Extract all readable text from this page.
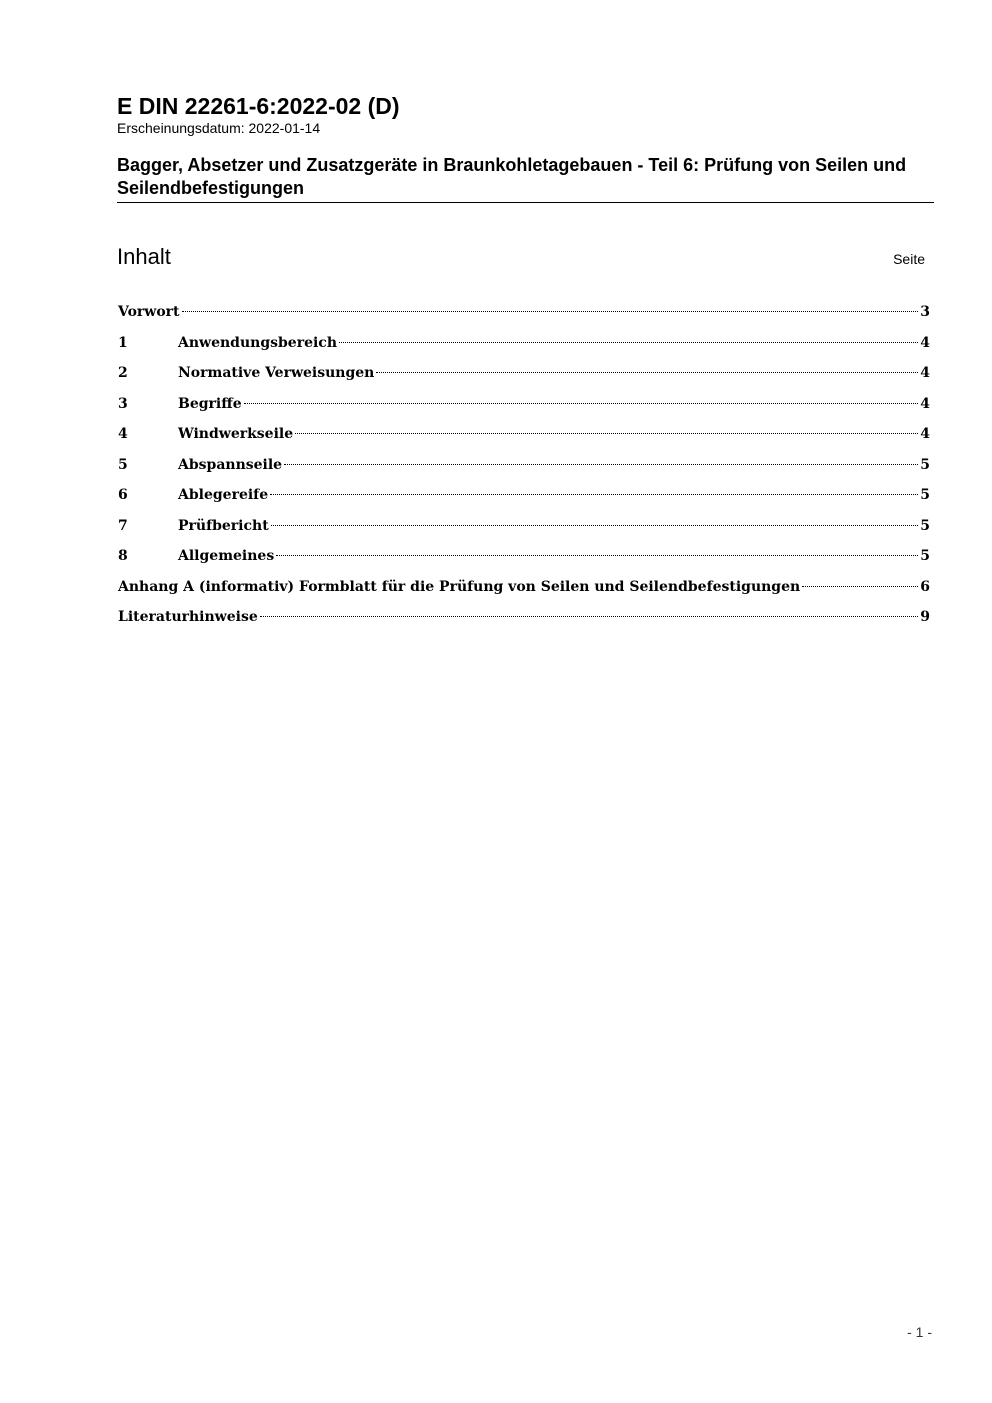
E DIN 22261-6:2022-02 (D)

Erscheinungsdatum: 2022-01-14

Bagger, Absetzer und Zusatzgeräte in Braunkohletagebauen - Teil 6: Prüfung von Seilen und Seilendbefestigungen

Inhalt	Seite
Vorwort	3
1	Anwendungsbereich	4
2	Normative Verweisungen	4
3	Begriffe	4
4	Windwerkseile	4
5	Abspannseile	5
6	Ablegereife	5
7	Prüfbericht	5
8	Allgemeines	5
Anhang A (informativ) Formblatt für die Prüfung von Seilen und Seilendbefestigungen	6
Literaturhinweise	9
- 1 -
